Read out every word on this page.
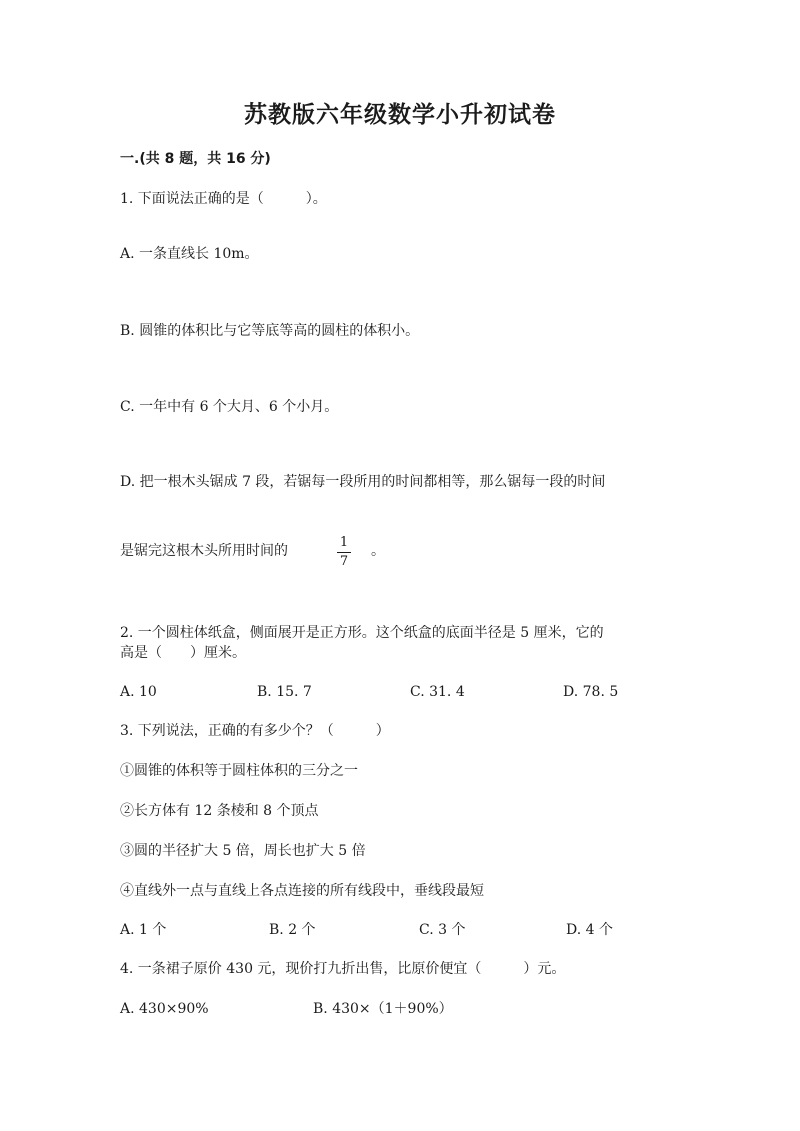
苏教版六年级数学小升初试卷
一.(共 8 题，共 16 分)
1. 下面说法正确的是（　　　）。
A. 一条直线长 10m。
B. 圆锥的体积比与它等底等高的圆柱的体积小。
C. 一年中有 6 个大月、6 个小月。
D. 把一根木头锯成 7 段，若锯每一段所用的时间都相等，那么锯每一段的时间
是锯完这根木头所用时间的
1
7
。
2. 一个圆柱体纸盒，侧面展开是正方形。这个纸盒的底面半径是 5 厘米，它的
高是（　　）厘米。
A. 10	B. 15. 7	C. 31. 4	D. 78. 5
3. 下列说法，正确的有多少个？（　　　）
①圆锥的体积等于圆柱体积的三分之一
②长方体有 12 条棱和 8 个顶点
③圆的半径扩大 5 倍，周长也扩大 5 倍
④直线外一点与直线上各点连接的所有线段中，垂线段最短
A. 1 个	B. 2 个	C. 3 个	D. 4 个
4. 一条裙子原价 430 元，现价打九折出售，比原价便宜（　　　）元。
A. 430×90%	B. 430×（1＋90%）
